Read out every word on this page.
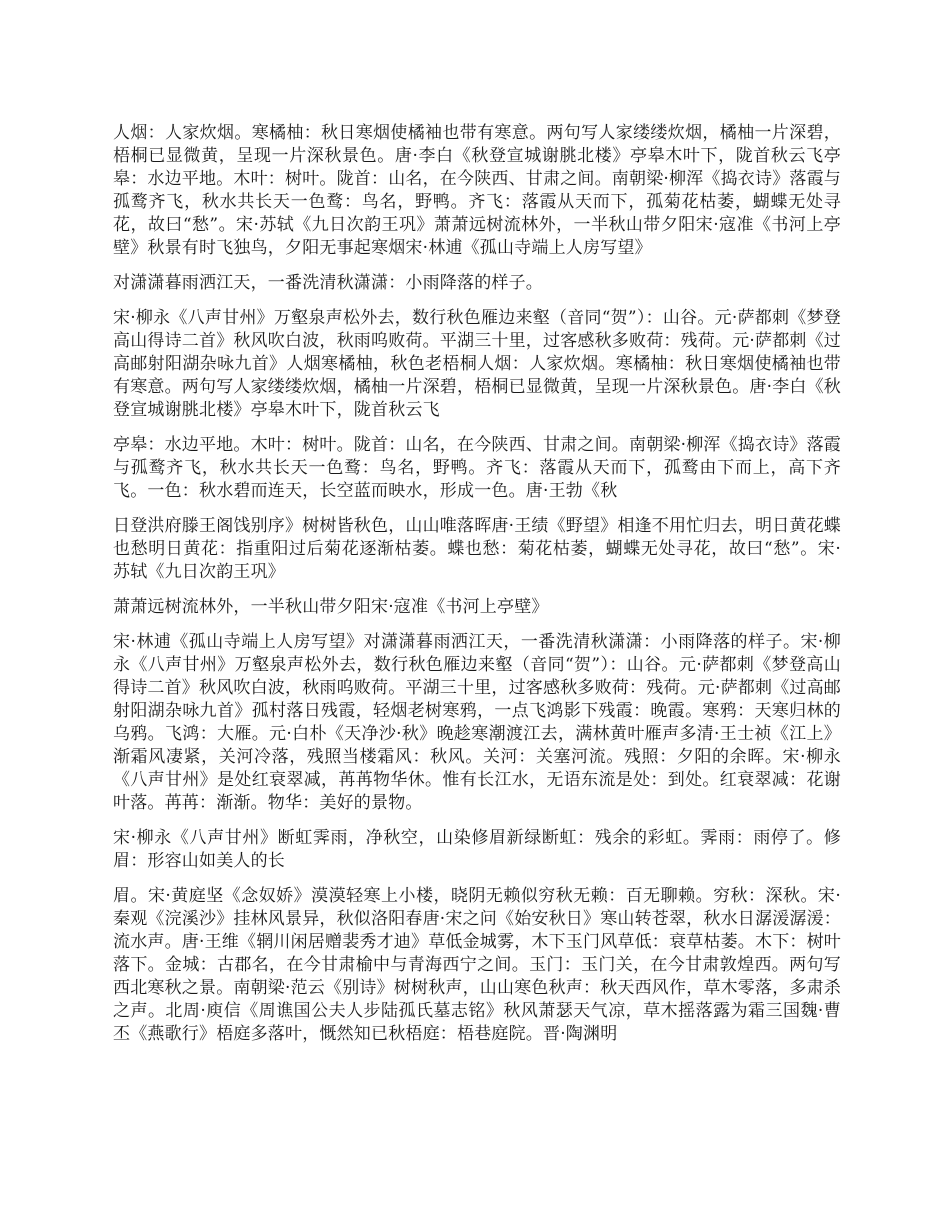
人烟：人家炊烟。寒橘柚：秋日寒烟使橘袖也带有寒意。两句写人家缕缕炊烟，橘柚一片深碧，梧桐已显微黄，呈现一片深秋景色。唐·李白《秋登宣城谢朓北楼》亭皋木叶下，陇首秋云飞亭皋：水边平地。木叶：树叶。陇首：山名，在今陕西、甘肃之间。南朝梁·柳浑《捣衣诗》落霞与孤鹜齐飞，秋水共长天一色鹜：鸟名，野鸭。齐飞：落霞从天而下，孤菊花枯萎，蝴蝶无处寻花，故曰“愁”。宋·苏轼《九日次韵王巩》萧萧远树流林外，一半秋山带夕阳宋·寇准《书河上亭壁》秋景有时飞独鸟，夕阳无事起寒烟宋·林逋《孤山寺端上人房写望》

对潇潇暮雨洒江天，一番洗清秋潇潇：小雨降落的样子。

宋·柳永《八声甘州》万壑泉声松外去，数行秋色雁边来壑（音同“贺”）：山谷。元·萨都刺《梦登高山得诗二首》秋风吹白波，秋雨呜败荷。平湖三十里，过客感秋多败荷：残荷。元·萨都刺《过高邮射阳湖杂咏九首》人烟寒橘柚，秋色老梧桐人烟：人家炊烟。寒橘柚：秋日寒烟使橘袖也带有寒意。两句写人家缕缕炊烟，橘柚一片深碧，梧桐已显微黄，呈现一片深秋景色。唐·李白《秋登宣城谢朓北楼》亭皋木叶下，陇首秋云飞

亭皋：水边平地。木叶：树叶。陇首：山名，在今陕西、甘肃之间。南朝梁·柳浑《捣衣诗》落霞与孤鹜齐飞，秋水共长天一色鹜：鸟名，野鸭。齐飞：落霞从天而下，孤鹜由下而上，高下齐飞。一色：秋水碧而连天，长空蓝而映水，形成一色。唐·王勃《秋

日登洪府滕王阁饯别序》树树皆秋色，山山唯落晖唐·王绩《野望》相逢不用忙归去，明日黄花蝶也愁明日黄花：指重阳过后菊花逐渐枯萎。蝶也愁：菊花枯萎，蝴蝶无处寻花，故曰“愁”。宋·苏轼《九日次韵王巩》

萧萧远树流林外，一半秋山带夕阳宋·寇准《书河上亭壁》

宋·林逋《孤山寺端上人房写望》对潇潇暮雨洒江天，一番洗清秋潇潇：小雨降落的样子。宋·柳永《八声甘州》万壑泉声松外去，数行秋色雁边来壑（音同“贺”）：山谷。元·萨都刺《梦登高山得诗二首》秋风吹白波，秋雨呜败荷。平湖三十里，过客感秋多败荷：残荷。元·萨都刺《过高邮射阳湖杂咏九首》孤村落日残霞，轻烟老树寒鸦，一点飞鸿影下残霞：晚霞。寒鸦：天寒归林的乌鸦。飞鸿：大雁。元·白朴《天净沙·秋》晚趁寒潮渡江去，满林黄叶雁声多清·王士祯《江上》渐霜风凄紧，关河冷落，残照当楼霜风：秋风。关河：关塞河流。残照：夕阳的余晖。宋·柳永《八声甘州》是处红衰翠减，苒苒物华休。惟有长江水，无语东流是处：到处。红衰翠减：花谢叶落。苒苒：渐渐。物华：美好的景物。

宋·柳永《八声甘州》断虹霁雨，净秋空，山染修眉新绿断虹：残余的彩虹。霁雨：雨停了。修眉：形容山如美人的长

眉。宋·黄庭坚《念奴娇》漠漠轻寒上小楼，晓阴无赖似穷秋无赖：百无聊赖。穷秋：深秋。宋·秦观《浣溪沙》挂林风景异，秋似洛阳春唐·宋之问《始安秋日》寒山转苍翠，秋水日潺湲潺湲：流水声。唐·王维《辋川闲居赠裴秀才迪》草低金城雾，木下玉门风草低：衰草枯萎。木下：树叶落下。金城：古郡名，在今甘肃榆中与青海西宁之间。玉门：玉门关，在今甘肃敦煌西。两句写西北寒秋之景。南朝梁·范云《别诗》树树秋声，山山寒色秋声：秋天西风作，草木零落，多肃杀之声。北周·庾信《周谯国公夫人步陆孤氏墓志铭》秋风萧瑟天气凉，草木摇落露为霜三国魏·曹丕《燕歌行》梧庭多落叶，慨然知已秋梧庭：梧巷庭院。晋·陶渊明
